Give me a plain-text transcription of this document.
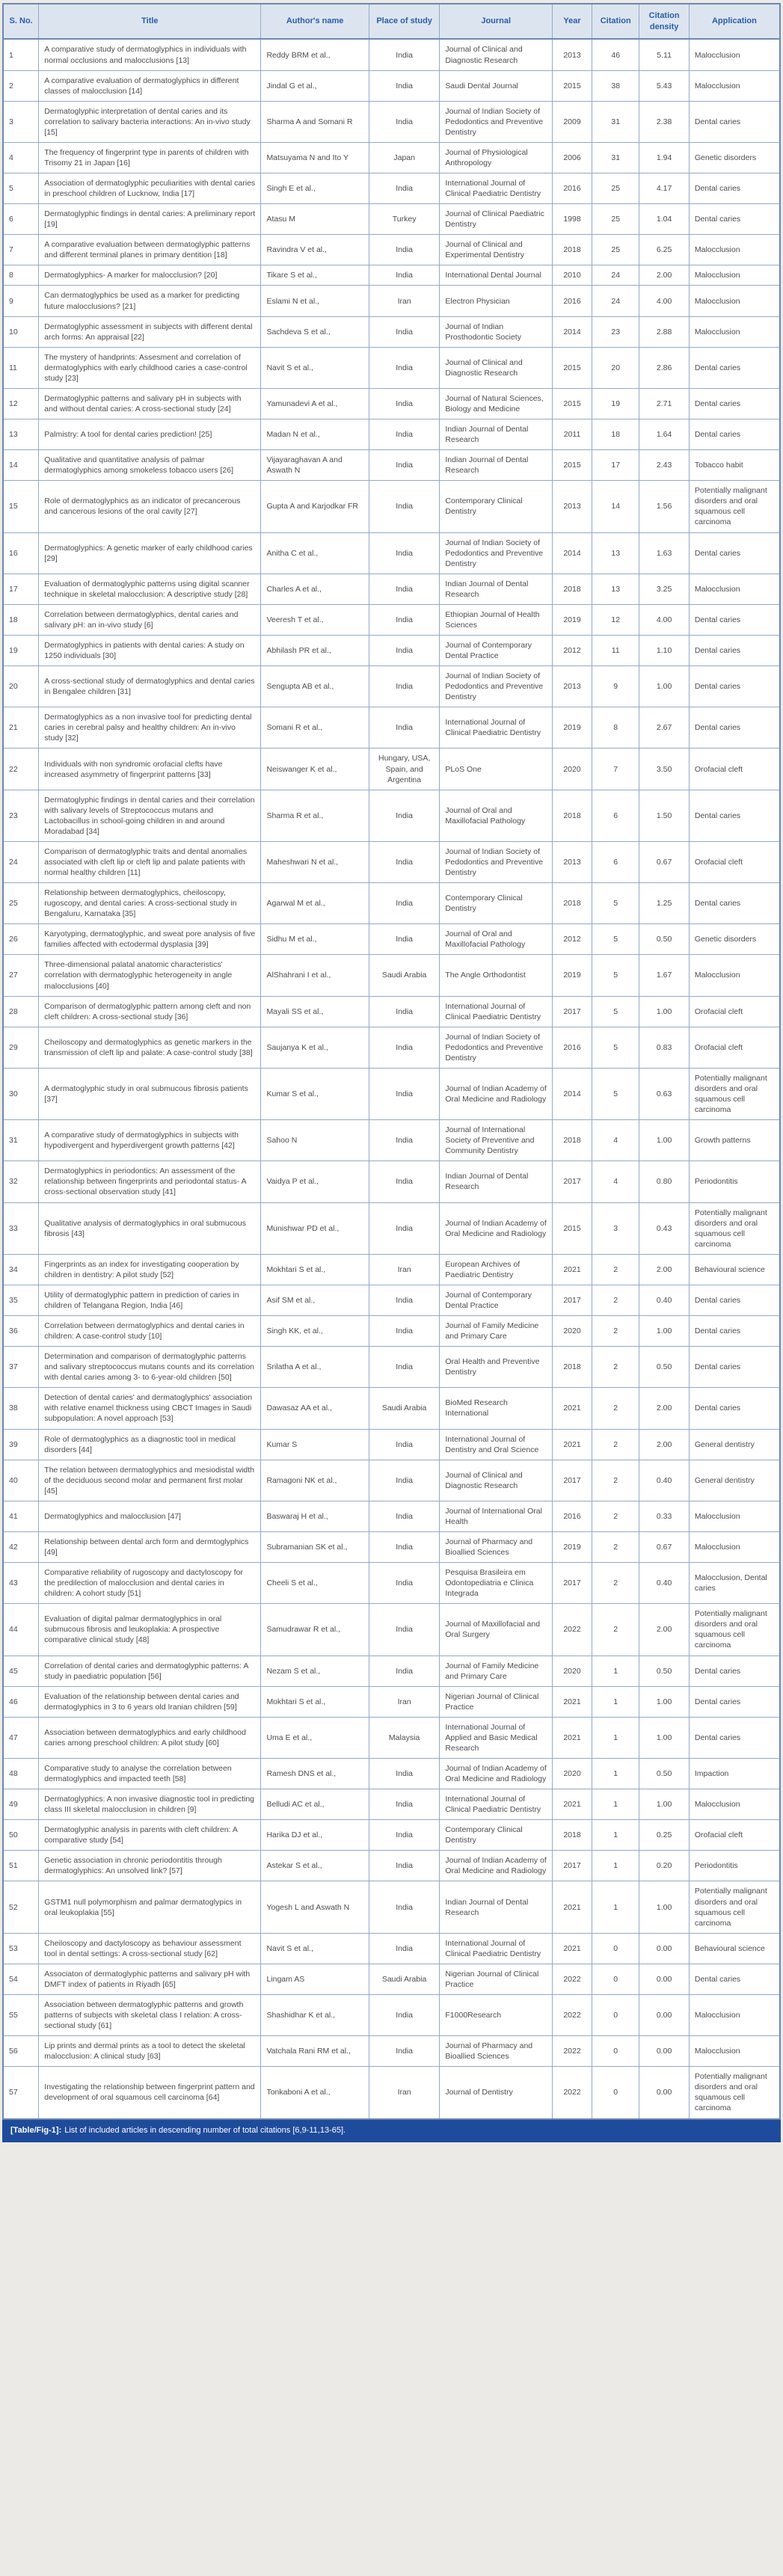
S. No.	Title	Author's name	Place of study	Journal	Year	Citation	Citation density	Application
1	A comparative study of dermatoglyphics in individuals with normal occlusions and malocclusions [13]	Reddy BRM et al.,	India	Journal of Clinical and Diagnostic Research	2013	46	5.11	Malocclusion
2	A comparative evaluation of dermatoglyphics in different classes of malocclusion [14]	Jindal G et al.,	India	Saudi Dental Journal	2015	38	5.43	Malocclusion
3	Dermatoglyphic interpretation of dental caries and its correlation to salivary bacteria interactions: An in-vivo study [15]	Sharma A and Somani R	India	Journal of Indian Society of Pedodontics and Preventive Dentistry	2009	31	2.38	Dental caries
4	The frequency of fingerprint type in parents of children with Trisomy 21 in Japan [16]	Matsuyama N and Ito Y	Japan	Journal of Physiological Anthropology	2006	31	1.94	Genetic disorders
5	Association of dermatoglyphic peculiarities with dental caries in preschool children of Lucknow, India [17]	Singh E et al.,	India	International Journal of Clinical Paediatric Dentistry	2016	25	4.17	Dental caries
6	Dermatoglyphic findings in dental caries: A preliminary report [19]	Atasu M	Turkey	Journal of Clinical Paediatric Dentistry	1998	25	1.04	Dental caries
7	A comparative evaluation between dermatoglyphic patterns and different terminal planes in primary dentition [18]	Ravindra V et al.,	India	Journal of Clinical and Experimental Dentistry	2018	25	6.25	Malocclusion
8	Dermatoglyphics- A marker for malocclusion? [20]	Tikare S et al.,	India	International Dental Journal	2010	24	2.00	Malocclusion
9	Can dermatoglyphics be used as a marker for predicting future malocclusions? [21]	Eslami N et al.,	Iran	Electron Physician	2016	24	4.00	Malocclusion
10	Dermatoglyphic assessment in subjects with different dental arch forms: An appraisal [22]	Sachdeva S et al.,	India	Journal of Indian Prosthodontic Society	2014	23	2.88	Malocclusion
11	The mystery of handprints: Assesment and correlation of dermatoglyphics with early childhood caries a case-control study [23]	Navit S et al.,	India	Journal of Clinical and Diagnostic Research	2015	20	2.86	Dental caries
12	Dermatoglyphic patterns and salivary pH in subjects with and without dental caries: A cross-sectional study [24]	Yamunadevi A et al.,	India	Journal of Natural Sciences, Biology and Medicine	2015	19	2.71	Dental caries
13	Palmistry: A tool for dental caries prediction! [25]	Madan N et al.,	India	Indian Journal of Dental Research	2011	18	1.64	Dental caries
14	Qualitative and quantitative analysis of palmar dermatoglyphics among smokeless tobacco users [26]	Vijayaraghavan A and Aswath N	India	Indian Journal of Dental Research	2015	17	2.43	Tobacco habit
15	Role of dermatoglyphics as an indicator of precancerous and cancerous lesions of the oral cavity [27]	Gupta A and Karjodkar FR	India	Contemporary Clinical Dentistry	2013	14	1.56	Potentially malignant disorders and oral squamous cell carcinoma
16	Dermatoglyphics: A genetic marker of early childhood caries [29]	Anitha C et al.,	India	Journal of Indian Society of Pedodontics and Preventive Dentistry	2014	13	1.63	Dental caries
17	Evaluation of dermatoglyphic patterns using digital scanner technique in skeletal malocclusion: A descriptive study [28]	Charles A et al.,	India	Indian Journal of Dental Research	2018	13	3.25	Malocclusion
18	Correlation between dermatoglyphics, dental caries and salivary pH: an in-vivo study [6]	Veeresh T et al.,	India	Ethiopian Journal of Health Sciences	2019	12	4.00	Dental caries
19	Dermatoglyphics in patients with dental caries: A study on 1250 individuals [30]	Abhilash PR et al.,	India	Journal of Contemporary Dental Practice	2012	11	1.10	Dental caries
20	A cross-sectional study of dermatoglyphics and dental caries in Bengalee children [31]	Sengupta AB et al.,	India	Journal of Indian Society of Pedodontics and Preventive Dentistry	2013	9	1.00	Dental caries
21	Dermatoglyphics as a non invasive tool for predicting dental caries in cerebral palsy and healthy children: An in-vivo study [32]	Somani R et al.,	India	International Journal of Clinical Paediatric Dentistry	2019	8	2.67	Dental caries
22	Individuals with non syndromic orofacial clefts have increased asymmetry of fingerprint patterns [33]	Neiswanger K et al.,	Hungary, USA, Spain, and Argentina	PLoS One	2020	7	3.50	Orofacial cleft
23	Dermatoglyphic findings in dental caries and their correlation with salivary levels of Streptococcus mutans and Lactobacillus in school-going children in and around Moradabad [34]	Sharma R et al.,	India	Journal of Oral and Maxillofacial Pathology	2018	6	1.50	Dental caries
24	Comparison of dermatoglyphic traits and dental anomalies associated with cleft lip or cleft lip and palate patients with normal healthy children [11]	Maheshwari N et al.,	India	Journal of Indian Society of Pedodontics and Preventive Dentistry	2013	6	0.67	Orofacial cleft
25	Relationship between dermatoglyphics, cheiloscopy, rugoscopy, and dental caries: A cross-sectional study in Bengaluru, Karnataka [35]	Agarwal M et al.,	India	Contemporary Clinical Dentistry	2018	5	1.25	Dental caries
26	Karyotyping, dermatoglyphic, and sweat pore analysis of five families affected with ectodermal dysplasia [39]	Sidhu M et al.,	India	Journal of Oral and Maxillofacial Pathology	2012	5	0.50	Genetic disorders
27	Three-dimensional palatal anatomic characteristics' correlation with dermatoglyphic heterogeneity in angle malocclusions [40]	AlShahrani I et al.,	Saudi Arabia	The Angle Orthodontist	2019	5	1.67	Malocclusion
28	Comparison of dermatoglyphic pattern among cleft and non cleft children: A cross-sectional study [36]	Mayali SS et al.,	India	International Journal of Clinical Paediatric Dentistry	2017	5	1.00	Orofacial cleft
29	Cheiloscopy and dermatoglyphics as genetic markers in the transmission of cleft lip and palate: A case-control study [38]	Saujanya K et al.,	India	Journal of Indian Society of Pedodontics and Preventive Dentistry	2016	5	0.83	Orofacial cleft
30	A dermatoglyphic study in oral submucous fibrosis patients [37]	Kumar S et al.,	India	Journal of Indian Academy of Oral Medicine and Radiology	2014	5	0.63	Potentially malignant disorders and oral squamous cell carcinoma
31	A comparative study of dermatoglyphics in subjects with hypodivergent and hyperdivergent growth patterns [42]	Sahoo N	India	Journal of International Society of Preventive and Community Dentistry	2018	4	1.00	Growth patterns
32	Dermatoglyphics in periodontics: An assessment of the relationship between fingerprints and periodontal status- A cross-sectional observation study [41]	Vaidya P et al.,	India	Indian Journal of Dental Research	2017	4	0.80	Periodontitis
33	Qualitative analysis of dermatoglyphics in oral submucous fibrosis [43]	Munishwar PD et al.,	India	Journal of Indian Academy of Oral Medicine and Radiology	2015	3	0.43	Potentially malignant disorders and oral squamous cell carcinoma
34	Fingerprints as an index for investigating cooperation by children in dentistry: A pilot study [52]	Mokhtari S et al.,	Iran	European Archives of Paediatric Dentistry	2021	2	2.00	Behavioural science
35	Utility of dermatoglyphic pattern in prediction of caries in children of Telangana Region, India [46]	Asif SM et al.,	India	Journal of Contemporary Dental Practice	2017	2	0.40	Dental caries
36	Correlation between dermatoglyphics and dental caries in children: A case-control study [10]	Singh KK, et al.,	India	Journal of Family Medicine and Primary Care	2020	2	1.00	Dental caries
37	Determination and comparison of dermatoglyphic patterns and salivary streptococcus mutans counts and its correlation with dental caries among 3- to 6-year-old children [50]	Srilatha A et al.,	India	Oral Health and Preventive Dentistry	2018	2	0.50	Dental caries
38	Detection of dental caries' and dermatoglyphics' association with relative enamel thickness using CBCT Images in Saudi subpopulation: A novel approach [53]	Dawasaz AA et al.,	Saudi Arabia	BioMed Research International	2021	2	2.00	Dental caries
39	Role of dermatoglyphics as a diagnostic tool in medical disorders [44]	Kumar S	India	International Journal of Dentistry and Oral Science	2021	2	2.00	General dentistry
40	The relation between dermatoglyphics and mesiodistal width of the deciduous second molar and permanent first molar [45]	Ramagoni NK et al.,	India	Journal of Clinical and Diagnostic Research	2017	2	0.40	General dentistry
41	Dermatoglyphics and malocclusion [47]	Baswaraj H et al.,	India	Journal of International Oral Health	2016	2	0.33	Malocclusion
42	Relationship between dental arch form and dermtoglyphics [49]	Subramanian SK et al.,	India	Journal of Pharmacy and Bioallied Sciences	2019	2	0.67	Malocclusion
43	Comparative reliability of rugoscopy and dactyloscopy for the predilection of malocclusion and dental caries in children: A cohort study [51]	Cheeli S et al.,	India	Pesquisa Brasileira em Odontopediatria e Clinica Integrada	2017	2	0.40	Malocclusion, Dental caries
44	Evaluation of digital palmar dermatoglyphics in oral submucous fibrosis and leukoplakia: A prospective comparative clinical study [48]	Samudrawar R et al.,	India	Journal of Maxillofacial and Oral Surgery	2022	2	2.00	Potentially malignant disorders and oral squamous cell carcinoma
45	Correlation of dental caries and dermatoglyphic patterns: A study in paediatric population [56]	Nezam S et al.,	India	Journal of Family Medicine and Primary Care	2020	1	0.50	Dental caries
46	Evaluation of the relationship between dental caries and dermatoglyphics in 3 to 6 years old Iranian children [59]	Mokhtari S et al.,	Iran	Nigerian Journal of Clinical Practice	2021	1	1.00	Dental caries
47	Association between dermatoglyphics and early childhood caries among preschool children: A pilot study [60]	Uma E et al.,	Malaysia	International Journal of Applied and Basic Medical Research	2021	1	1.00	Dental caries
48	Comparative study to analyse the correlation between dermatoglyphics and impacted teeth [58]	Ramesh DNS et al.,	India	Journal of Indian Academy of Oral Medicine and Radiology	2020	1	0.50	Impaction
49	Dermatoglyphics: A non invasive diagnostic tool in predicting class III skeletal malocclusion in children [9]	Belludi AC et al.,	India	International Journal of Clinical Paediatric Dentistry	2021	1	1.00	Malocclusion
50	Dermatoglyphic analysis in parents with cleft children: A comparative study [54]	Harika DJ et al.,	India	Contemporary Clinical Dentistry	2018	1	0.25	Orofacial cleft
51	Genetic association in chronic periodontitis through dermatoglyphics: An unsolved link? [57]	Astekar S et al.,	India	Journal of Indian Academy of Oral Medicine and Radiology	2017	1	0.20	Periodontitis
52	GSTM1 null polymorphism and palmar dermatoglypics in oral leukoplakia [55]	Yogesh L and Aswath N	India	Indian Journal of Dental Research	2021	1	1.00	Potentially malignant disorders and oral squamous cell carcinoma
53	Cheiloscopy and dactyloscopy as behaviour assessment tool in dental settings: A cross-sectional study [62]	Navit S et al.,	India	International Journal of Clinical Paediatric Dentistry	2021	0	0.00	Behavioural science
54	Associaton of dermatoglyphic patterns and salivary pH with DMFT index of patients in Riyadh [65]	Lingam AS	Saudi Arabia	Nigerian Journal of Clinical Practice	2022	0	0.00	Dental caries
55	Association between dermatoglyphic patterns and growth patterns of subjects with skeletal class I relation: A cross-sectional study [61]	Shashidhar K et al.,	India	F1000Research	2022	0	0.00	Malocclusion
56	Lip prints and dermal prints as a tool to detect the skeletal malocclusion: A clinical study [63]	Vatchala Rani RM et al.,	India	Journal of Pharmacy and Bioallied Sciences	2022	0	0.00	Malocclusion
57	Investigating the relationship between fingerprint pattern and development of oral squamous cell carcinoma [64]	Tonkaboni A et al.,	Iran	Journal of Dentistry	2022	0	0.00	Potentially malignant disorders and oral squamous cell carcinoma
[Table/Fig-1]: List of included articles in descending number of total citations [6,9-11,13-65].
